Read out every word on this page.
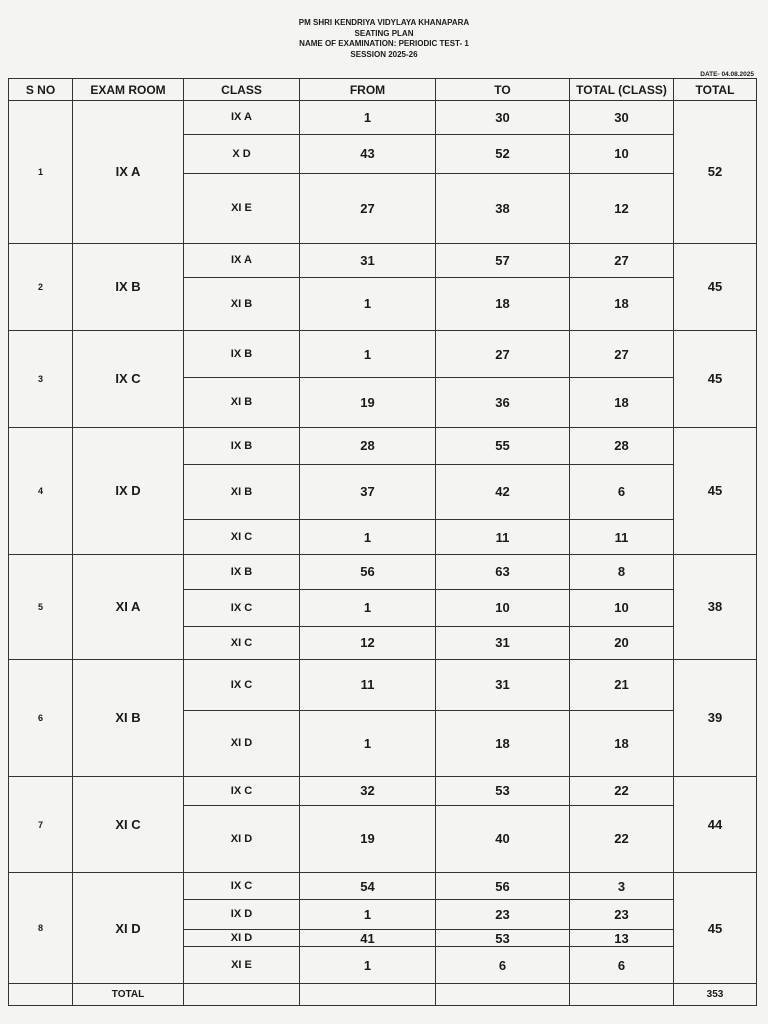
PM SHRI KENDRIYA VIDYLAYA KHANAPARA
SEATING PLAN
NAME OF EXAMINATION: PERIODIC TEST- 1
SESSION 2025-26
DATE- 04.08.2025
S NO	EXAM ROOM	CLASS	FROM	TO	TOTAL (CLASS)	TOTAL
1	IX A	IX A	1	30	30	52
		X D	43	52	10	
		XI E	27	38	12	
2	IX B	IX A	31	57	27	45
		XI B	1	18	18	
3	IX C	IX B	1	27	27	45
		XI B	19	36	18	
4	IX D	IX B	28	55	28	45
		XI B	37	42	6	
		XI C	1	11	11	
5	XI A	IX B	56	63	8	38
		IX C	1	10	10	
		XI C	12	31	20	
6	XI B	IX C	11	31	21	39
		XI D	1	18	18	
7	XI C	IX C	32	53	22	44
		XI D	19	40	22	
8	XI D	IX C	54	56	3	45
		IX D	1	23	23	
		XI D	41	53	13	
		XI E	1	6	6	
	TOTAL					353
